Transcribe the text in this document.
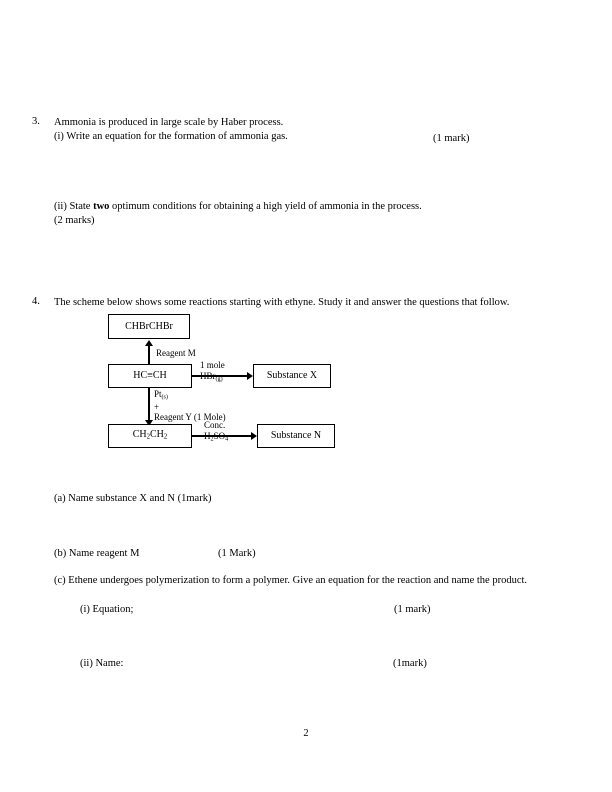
3.	Ammonia is produced in large scale by Haber process.
(i) Write an equation for the formation of ammonia gas.	(1 mark)
(ii) State two optimum conditions for obtaining a high yield of ammonia in the process.
(2 marks)
4.	The scheme below shows some reactions starting with ethyne. Study it and answer the questions that follow.
CHBrCHBr
Reagent M
HC≡CH
1 mole
HBr(g)	Substance X
Pt(s)
+
Reagent Y (1 Mole)
$CH_2CH_2$
Conc.
$H_2SO_4$	Substance N
(a) Name substance X and N (1mark)
(b) Name reagent M	(1 Mark)
(c) Ethene undergoes polymerization to form a polymer. Give an equation for the reaction and name the product.
(i) Equation;	(1 mark)
(ii) Name:	(1mark)
2
